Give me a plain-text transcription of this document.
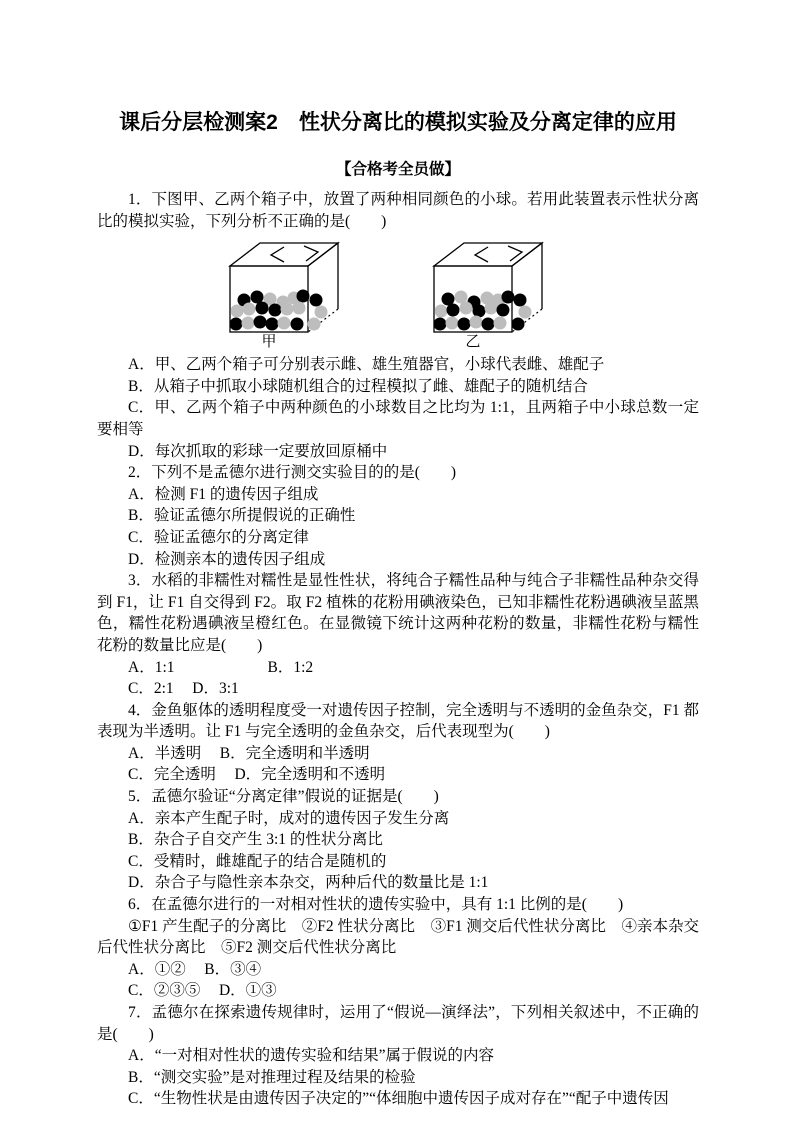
课后分层检测案2　性状分离比的模拟实验及分离定律的应用
【合格考全员做】

1．下图甲、乙两个箱子中，放置了两种相同颜色的小球。若用此装置表示性状分离比的模拟实验，下列分析不正确的是(　　)

甲	乙

A．甲、乙两个箱子可分别表示雌、雄生殖器官，小球代表雌、雄配子

B．从箱子中抓取小球随机组合的过程模拟了雌、雄配子的随机结合

C．甲、乙两个箱子中两种颜色的小球数目之比均为 1:1，且两箱子中小球总数一定要相等

D．每次抓取的彩球一定要放回原桶中

2．下列不是孟德尔进行测交实验目的的是(　　)

A．检测 F1 的遗传因子组成

B．验证孟德尔所提假说的正确性

C．验证孟德尔的分离定律

D．检测亲本的遗传因子组成

3．水稻的非糯性对糯性是显性性状，将纯合子糯性品种与纯合子非糯性品种杂交得到 F1，让 F1 自交得到 F2。取 F2 植株的花粉用碘液染色，已知非糯性花粉遇碘液呈蓝黑色，糯性花粉遇碘液呈橙红色。在显微镜下统计这两种花粉的数量，非糯性花粉与糯性花粉的数量比应是(　　)

A．1:1	B．1:2

C．2:1 D．3:1

4．金鱼躯体的透明程度受一对遗传因子控制，完全透明与不透明的金鱼杂交，F1 都表现为半透明。让 F1 与完全透明的金鱼杂交，后代表现型为(　　)

A．半透明 B．完全透明和半透明

C．完全透明 D．完全透明和不透明

5．孟德尔验证“分离定律”假说的证据是(　　)

A．亲本产生配子时，成对的遗传因子发生分离

B．杂合子自交产生 3:1 的性状分离比

C．受精时，雌雄配子的结合是随机的

D．杂合子与隐性亲本杂交，两种后代的数量比是 1:1

6．在孟德尔进行的一对相对性状的遗传实验中，具有 1:1 比例的是(　　)

①F1 产生配子的分离比　②F2 性状分离比　③F1 测交后代性状分离比　④亲本杂交后代性状分离比　⑤F2 测交后代性状分离比

A．①② B．③④

C．②③⑤ D．①③

7．孟德尔在探索遗传规律时，运用了“假说—演绎法”，下列相关叙述中，不正确的是(　　)

A．“一对相对性状的遗传实验和结果”属于假说的内容

B．“测交实验”是对推理过程及结果的检验

C．“生物性状是由遗传因子决定的”“体细胞中遗传因子成对存在”“配子中遗传因
